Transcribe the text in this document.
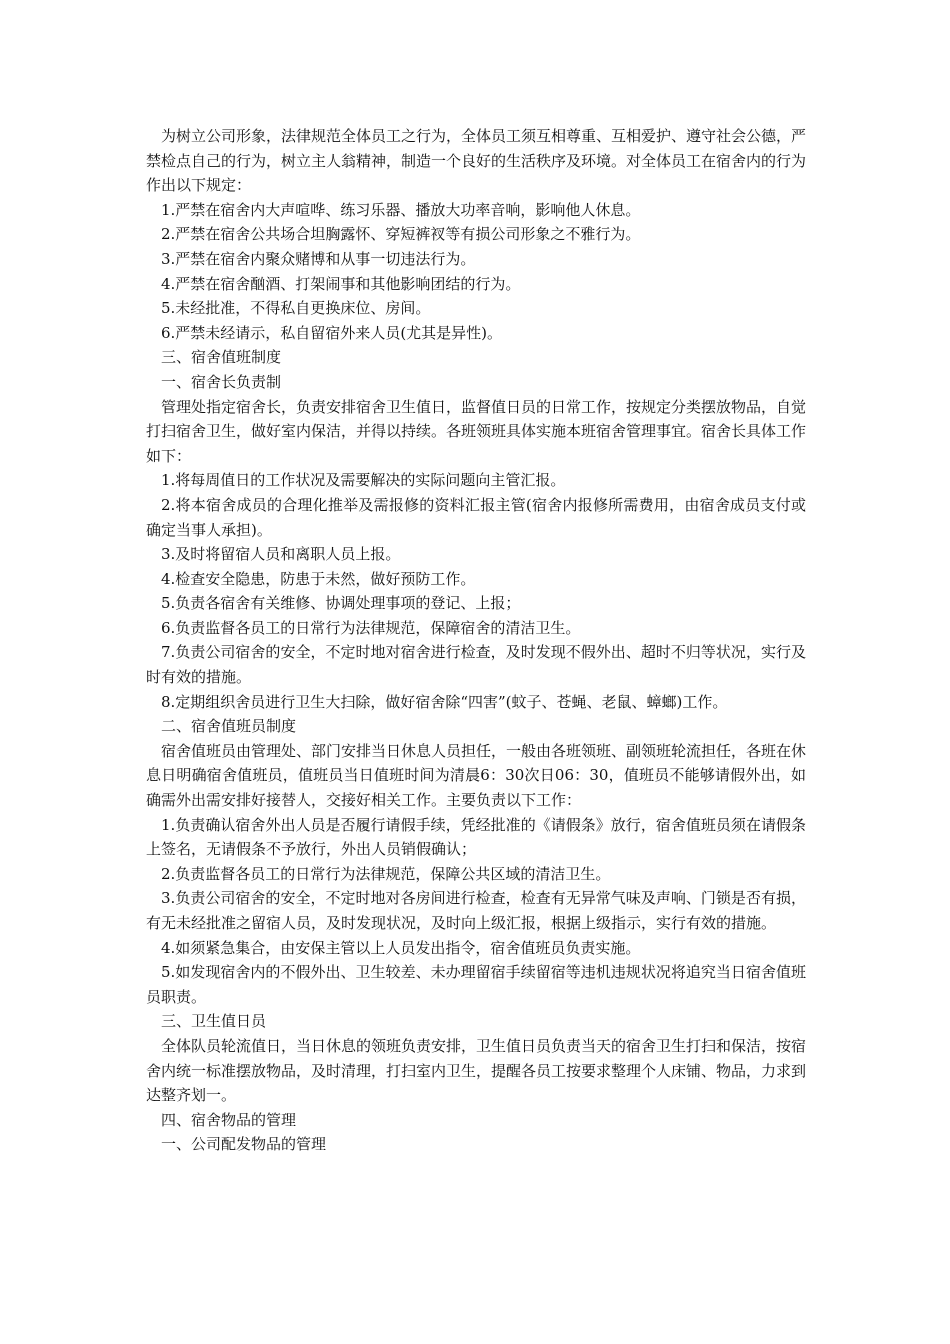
为树立公司形象，法律规范全体员工之行为，全体员工须互相尊重、互相爱护、遵守社会公德，严禁检点自己的行为，树立主人翁精神，制造一个良好的生活秩序及环境。对全体员工在宿舍内的行为作出以下规定：

1.严禁在宿舍内大声喧哗、练习乐器、播放大功率音响，影响他人休息。

2.严禁在宿舍公共场合坦胸露怀、穿短裤衩等有损公司形象之不雅行为。

3.严禁在宿舍内聚众赌博和从事一切违法行为。

4.严禁在宿舍酗酒、打架闹事和其他影响团结的行为。

5.未经批准，不得私自更换床位、房间。

6.严禁未经请示，私自留宿外来人员(尤其是异性)。

三、宿舍值班制度

一、宿舍长负责制

管理处指定宿舍长，负责安排宿舍卫生值日，监督值日员的日常工作，按规定分类摆放物品，自觉打扫宿舍卫生，做好室内保洁，并得以持续。各班领班具体实施本班宿舍管理事宜。宿舍长具体工作如下：

1.将每周值日的工作状况及需要解决的实际问题向主管汇报。

2.将本宿舍成员的合理化推举及需报修的资料汇报主管(宿舍内报修所需费用，由宿舍成员支付或确定当事人承担)。

3.及时将留宿人员和离职人员上报。

4.检查安全隐患，防患于未然，做好预防工作。

5.负责各宿舍有关维修、协调处理事项的登记、上报；

6.负责监督各员工的日常行为法律规范，保障宿舍的清洁卫生。

7.负责公司宿舍的安全，不定时地对宿舍进行检查，及时发现不假外出、超时不归等状况，实行及时有效的措施。

8.定期组织舍员进行卫生大扫除，做好宿舍除“四害”(蚊子、苍蝇、老鼠、蟑螂)工作。

二、宿舍值班员制度

宿舍值班员由管理处、部门安排当日休息人员担任，一般由各班领班、副领班轮流担任，各班在休息日明确宿舍值班员，值班员当日值班时间为清晨6：30次日06：30，值班员不能够请假外出，如确需外出需安排好接替人，交接好相关工作。主要负责以下工作：

1.负责确认宿舍外出人员是否履行请假手续，凭经批准的《请假条》放行，宿舍值班员须在请假条上签名，无请假条不予放行，外出人员销假确认；

2.负责监督各员工的日常行为法律规范，保障公共区域的清洁卫生。

3.负责公司宿舍的安全，不定时地对各房间进行检查，检查有无异常气味及声响、门锁是否有损，有无未经批准之留宿人员，及时发现状况，及时向上级汇报，根据上级指示，实行有效的措施。

4.如须紧急集合，由安保主管以上人员发出指令，宿舍值班员负责实施。

5.如发现宿舍内的不假外出、卫生较差、未办理留宿手续留宿等违机违规状况将追究当日宿舍值班员职责。

三、卫生值日员

全体队员轮流值日，当日休息的领班负责安排，卫生值日员负责当天的宿舍卫生打扫和保洁，按宿舍内统一标准摆放物品，及时清理，打扫室内卫生，提醒各员工按要求整理个人床铺、物品，力求到达整齐划一。

四、宿舍物品的管理

一、公司配发物品的管理
